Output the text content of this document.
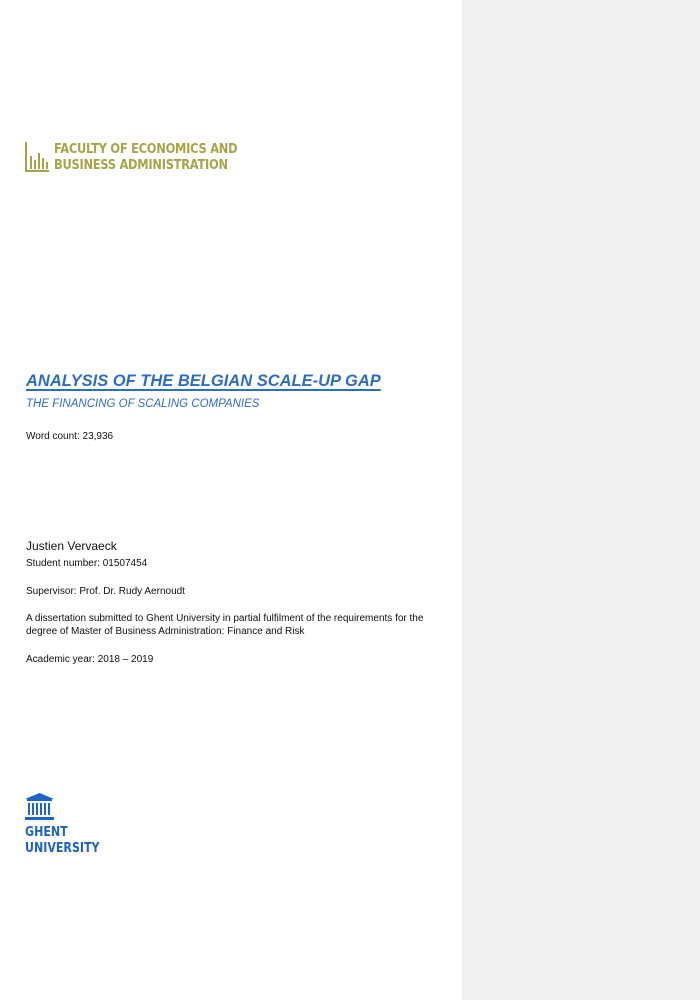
FACULTY OF ECONOMICS AND
BUSINESS ADMINISTRATION
ANALYSIS OF THE BELGIAN SCALE-UP GAP
THE FINANCING OF SCALING COMPANIES
Word count: 23,936
Justien Vervaeck
Student number: 01507454
Supervisor: Prof. Dr. Rudy Aernoudt
A dissertation submitted to Ghent University in partial fulfilment of the requirements for the degree of Master of Business Administration: Finance and Risk
Academic year: 2018 – 2019
GHENT
UNIVERSITY
